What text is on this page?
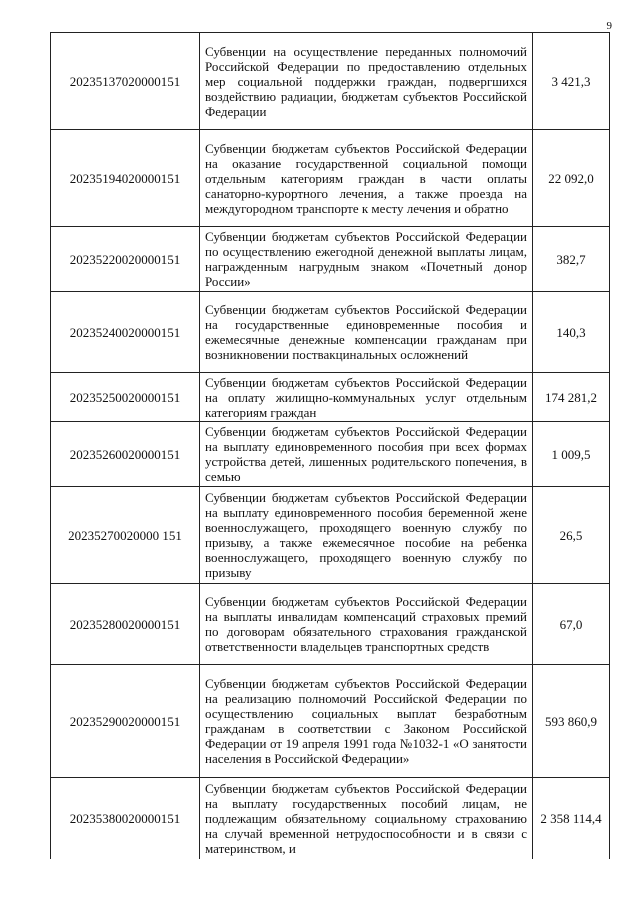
9
20235137020000151	Субвенции на осуществление переданных полномочий Российской Федерации по предоставлению отдельных мер социальной поддержки граждан, подвергшихся воздействию радиации, бюджетам субъектов Российской Федерации	3 421,3
20235194020000151	Субвенции бюджетам субъектов Российской Федерации на оказание государственной социальной помощи отдельным категориям граждан в части оплаты санаторно-курортного лечения, а также проезда на междугородном транспорте к месту лечения и обратно	22 092,0
20235220020000151	Субвенции бюджетам субъектов Российской Федерации по осуществлению ежегодной денежной выплаты лицам, награжденным нагрудным знаком «Почетный донор России»	382,7
20235240020000151	Субвенции бюджетам субъектов Российской Федерации на государственные единовременные пособия и ежемесячные денежные компенсации гражданам при возникновении поствакцинальных осложнений	140,3
20235250020000151	Субвенции бюджетам субъектов Российской Федерации на оплату жилищно-коммунальных услуг отдельным категориям граждан	174 281,2
20235260020000151	Субвенции бюджетам субъектов Российской Федерации на выплату единовременного пособия при всех формах устройства детей, лишенных родительского попечения, в семью	1 009,5
20235270020000 151	Субвенции бюджетам субъектов Российской Федерации на выплату единовременного пособия беременной жене военнослужащего, проходящего военную службу по призыву, а также ежемесячное пособие на ребенка военнослужащего, проходящего военную службу по призыву	26,5
20235280020000151	Субвенции бюджетам субъектов Российской Федерации на выплаты инвалидам компенсаций страховых премий по договорам обязательного страхования гражданской ответственности владельцев транспортных средств	67,0
20235290020000151	Субвенции бюджетам субъектов Российской Федерации на реализацию полномочий Российской Федерации по осуществлению социальных выплат безработным гражданам в соответствии с Законом Российской Федерации от 19 апреля 1991 года №1032-1 «О занятости населения в Российской Федерации»	593 860,9
20235380020000151	Субвенции бюджетам субъектов Российской Федерации на выплату государственных пособий лицам, не подлежащим обязательному социальному страхованию на случай временной нетрудоспособности и в связи с материнством, и	2 358 114,4
